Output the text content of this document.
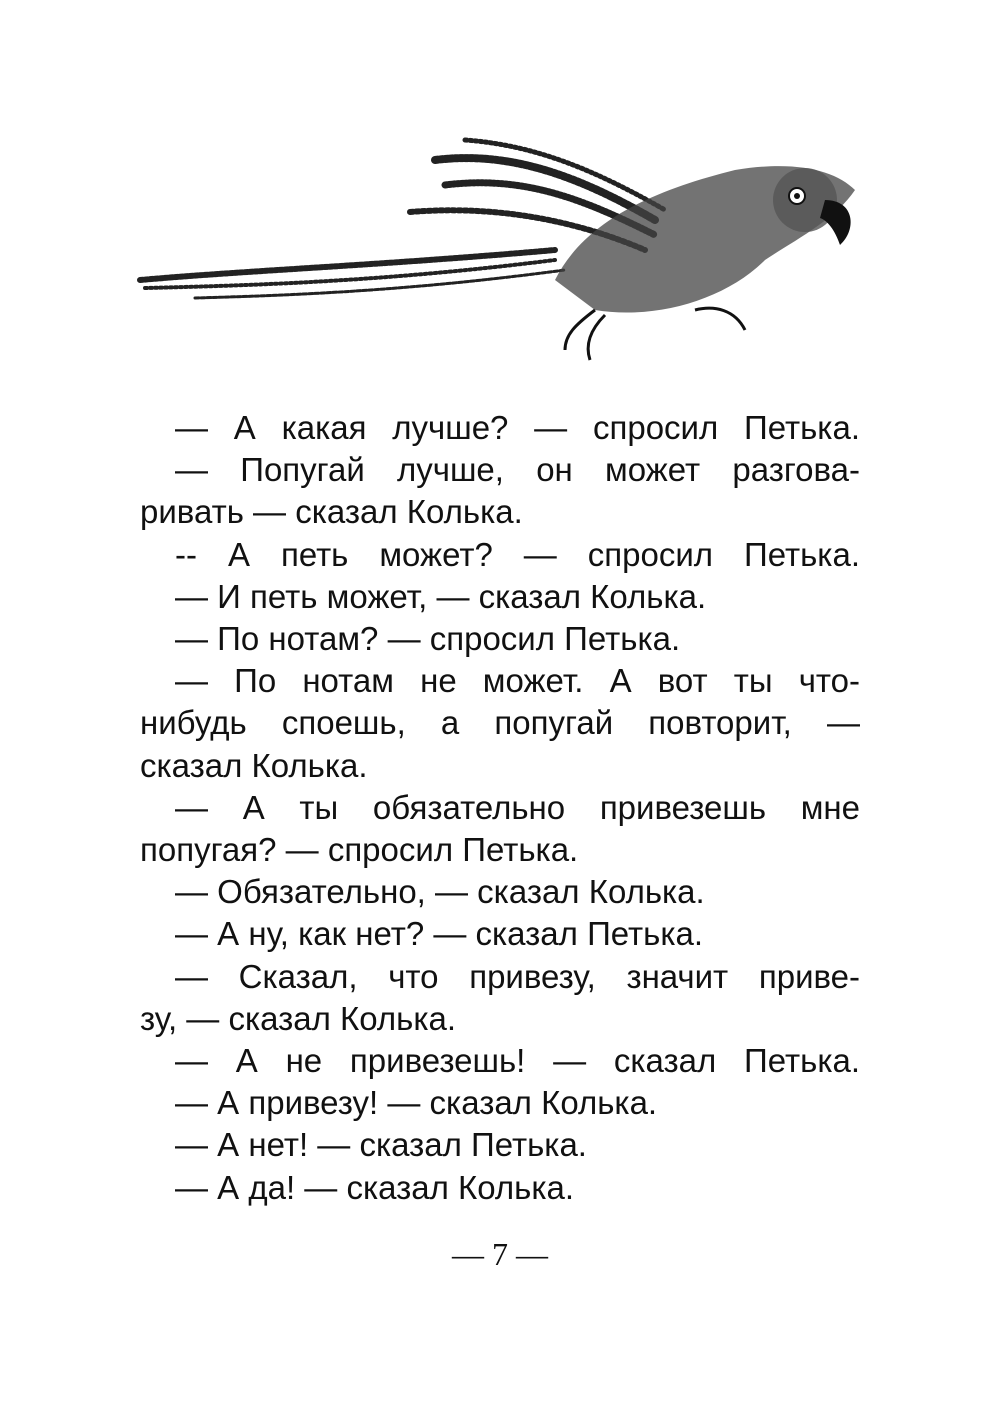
— А какая лучше? — спросил Петька.
— Попугай лучше, он может разгова-
ривать — сказал Колька.
-- А петь может? — спросил Петька.
— И петь может, — сказал Колька.
— По нотам? — спросил Петька.
— По нотам не может. А вот ты что-
нибудь споешь, а попугай повторит, —
сказал Колька.
— А ты обязательно привезешь мне
попугая? — спросил Петька.
— Обязательно, — сказал Колька.
— А ну, как нет? — сказал Петька.
— Сказал, что привезу, значит приве-
зу, — сказал Колька.
— А не привезешь! — сказал Петька.
— А привезу! — сказал Колька.
— А нет! — сказал Петька.
— А да! — сказал Колька.
— 7 —
